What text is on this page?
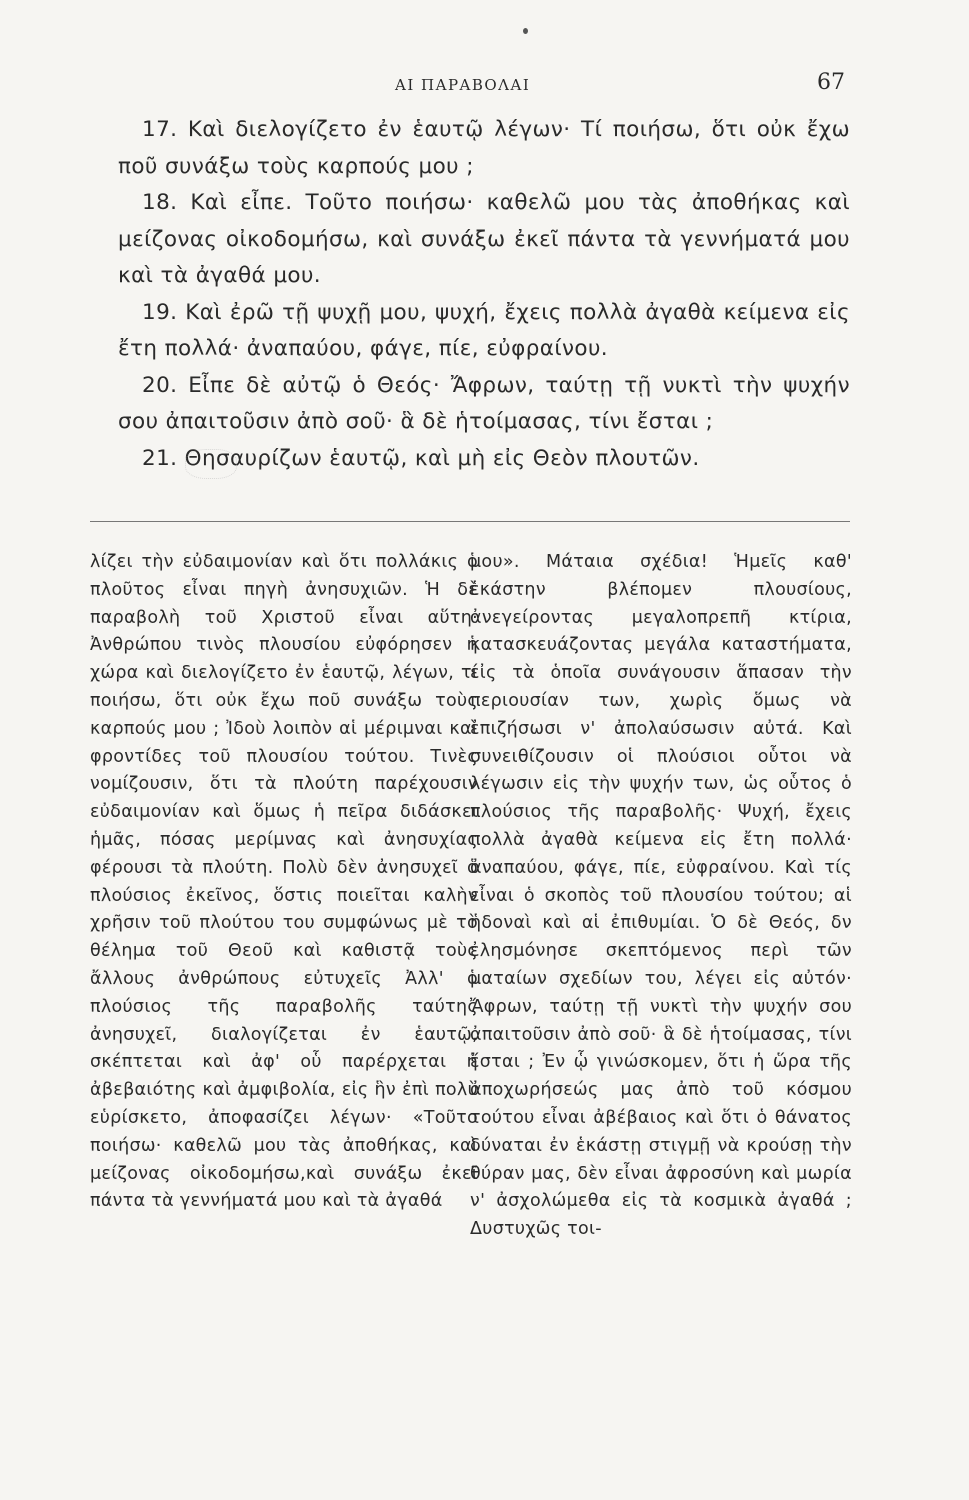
ΑΙ ΠΑΡΑΒΟΛΑΙ	67

17. Καὶ διελογίζετο ἐν ἑαυτῷ λέγων· Τί ποιήσω, ὅτι οὐκ ἔχω ποῦ συνάξω τοὺς καρπούς μου ;

18. Καὶ εἶπε. Τοῦτο ποιήσω· καθελῶ μου τὰς ἀποθήκας καὶ μείζονας οἰκοδομήσω, καὶ συνάξω ἐκεῖ πάντα τὰ γεννήματά μου καὶ τὰ ἀγαθά μου.

19. Καὶ ἐρῶ τῇ ψυχῇ μου, ψυχή, ἔχεις πολλὰ ἀγαθὰ κείμενα εἰς ἔτη πολλά· ἀναπαύου, φάγε, πίε, εὐφραίνου.

20. Εἶπε δὲ αὐτῷ ὁ Θεός· Ἄφρων, ταύτῃ τῇ νυκτὶ τὴν ψυχήν σου ἀπαιτοῦσιν ἀπὸ σοῦ· ἃ δὲ ἡτοίμασας, τίνι ἔσται ;

21. Θησαυρίζων ἑαυτῷ, καὶ μὴ εἰς Θεὸν πλουτῶν.

λίζει τὴν εὐδαιμονίαν καὶ ὅτι πολλάκις ὁ πλοῦτος εἶναι πηγὴ ἀνησυχιῶν. Ἡ δὲ παραβολὴ τοῦ Χριστοῦ εἶναι αὕτη· Ἀνθρώπου τινὸς πλουσίου εὐφόρησεν ἡ χώρα καὶ διελογίζετο ἐν ἑαυτῷ, λέγων, τί ποιήσω, ὅτι οὐκ ἔχω ποῦ συνάξω τοὺς καρπούς μου ; Ἰδοὺ λοιπὸν αἱ μέριμναι καὶ φροντίδες τοῦ πλουσίου τούτου. Τινὲς νομίζουσιν, ὅτι τὰ πλούτη παρέχουσιν εὐδαιμονίαν καὶ ὅμως ἡ πεῖρα διδάσκει ἡμᾶς, πόσας μερίμνας καὶ ἀνησυχίας φέρουσι τὰ πλούτη. Πολὺ δὲν ἀνησυχεῖ ὁ πλούσιος ἐκεῖνος, ὅστις ποιεῖται καλὴν χρῆσιν τοῦ πλούτου του συμφώνως μὲ τὸ θέλημα τοῦ Θεοῦ καὶ καθιστᾷ τοὺς ἄλλους ἀνθρώπους εὐτυχεῖς Ἀλλ' ὁ πλούσιος τῆς παραβολῆς ταύτης ἀνησυχεῖ, διαλογίζεται ἐν ἑαυτῷ, σκέπτεται καὶ ἀφ' οὗ παρέρχεται ἡ ἀβεβαιότης καὶ ἀμφιβολία, εἰς ἣν ἐπὶ πολὺ εὑρίσκετο, ἀποφασίζει λέγων· «Τοῦτο ποιήσω· καθελῶ μου τὰς ἀποθήκας, καὶ μείζονας οἰκοδομήσω,καὶ συνάξω ἐκεῖ πάντα τὰ γεννήματά μου καὶ τὰ ἀγαθά

μου». Μάταια σχέδια! Ἡμεῖς καθ' ἑκάστην βλέπομεν πλουσίους, ἀνεγείροντας μεγαλοπρεπῆ κτίρια, κατασκευάζοντας μεγάλα καταστήματα, εἰς τὰ ὁποῖα συνάγουσιν ἅπασαν τὴν περιουσίαν των, χωρὶς ὅμως νὰ ἐπιζήσωσι ν' ἀπολαύσωσιν αὐτά. Καὶ συνειθίζουσιν οἱ πλούσιοι οὗτοι νὰ λέγωσιν εἰς τὴν ψυχήν των, ὡς οὗτος ὁ πλούσιος τῆς παραβολῆς· Ψυχή, ἔχεις πολλὰ ἀγαθὰ κείμενα εἰς ἔτη πολλά· ἀναπαύου, φάγε, πίε, εὐφραίνου. Καὶ τίς εἶναι ὁ σκοπὸς τοῦ πλουσίου τούτου; αἱ ἡδοναὶ καὶ αἱ ἐπιθυμίαι. Ὁ δὲ Θεός, δν ἐλησμόνησε σκεπτόμενος περὶ τῶν ματαίων σχεδίων του, λέγει εἰς αὐτόν· Ἄφρων, ταύτῃ τῇ νυκτὶ τὴν ψυχήν σου ἀπαιτοῦσιν ἀπὸ σοῦ· ἃ δὲ ἡτοίμασας, τίνι ἔσται ; Ἐν ᾧ γινώσκομεν, ὅτι ἡ ὥρα τῆς ἀποχωρήσεώς μας ἀπὸ τοῦ κόσμου τούτου εἶναι ἀβέβαιος καὶ ὅτι ὁ θάνατος δύναται ἐν ἑκάστῃ στιγμῇ νὰ κρούσῃ τὴν θύραν μας, δὲν εἶναι ἀφροσύνη καὶ μωρία ν' ἀσχολώμεθα εἰς τὰ κοσμικὰ ἀγαθά ; Δυστυχῶς τοι-
